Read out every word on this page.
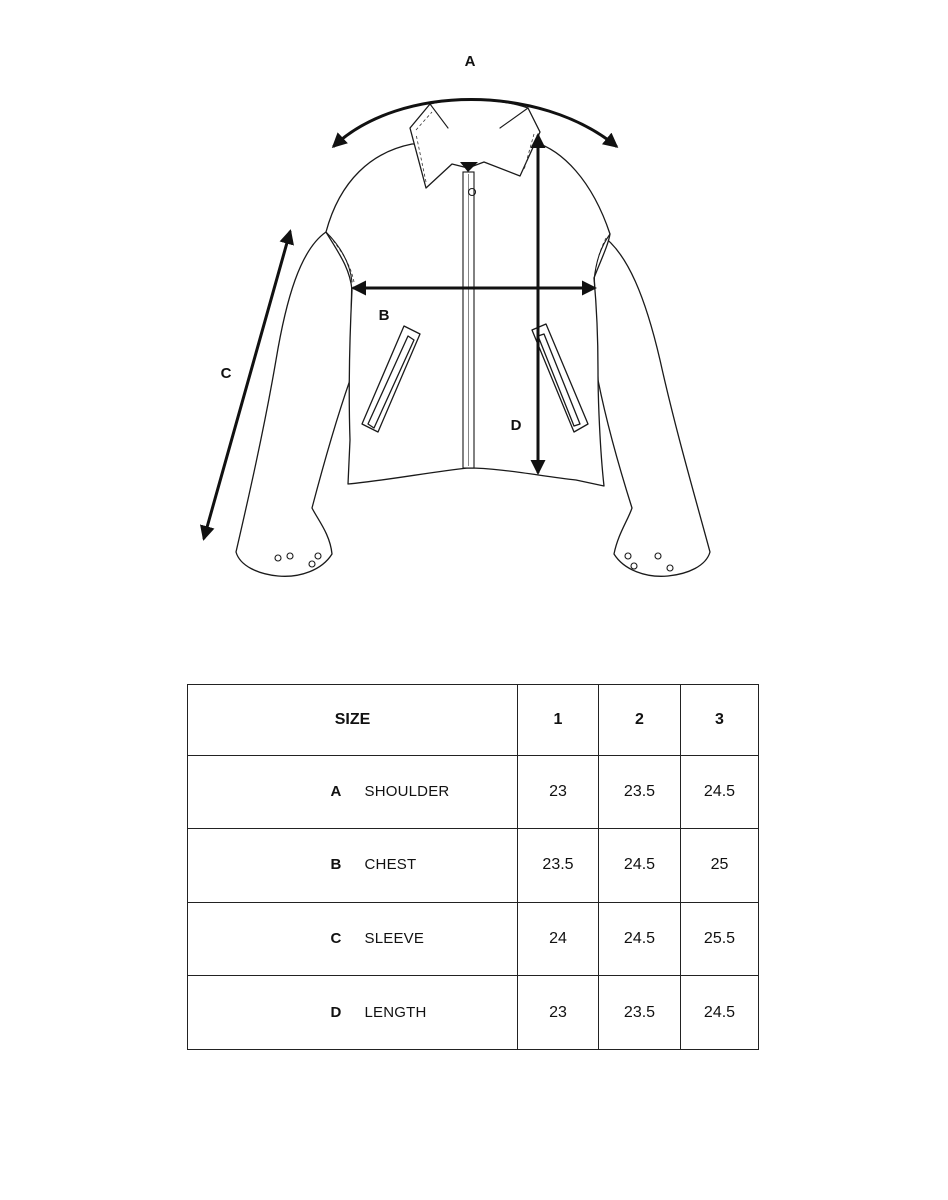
A
B
C
D
SIZE	1	2	3
A SHOULDER	23	23.5	24.5
B CHEST	23.5	24.5	25
C SLEEVE	24	24.5	25.5
D LENGTH	23	23.5	24.5
